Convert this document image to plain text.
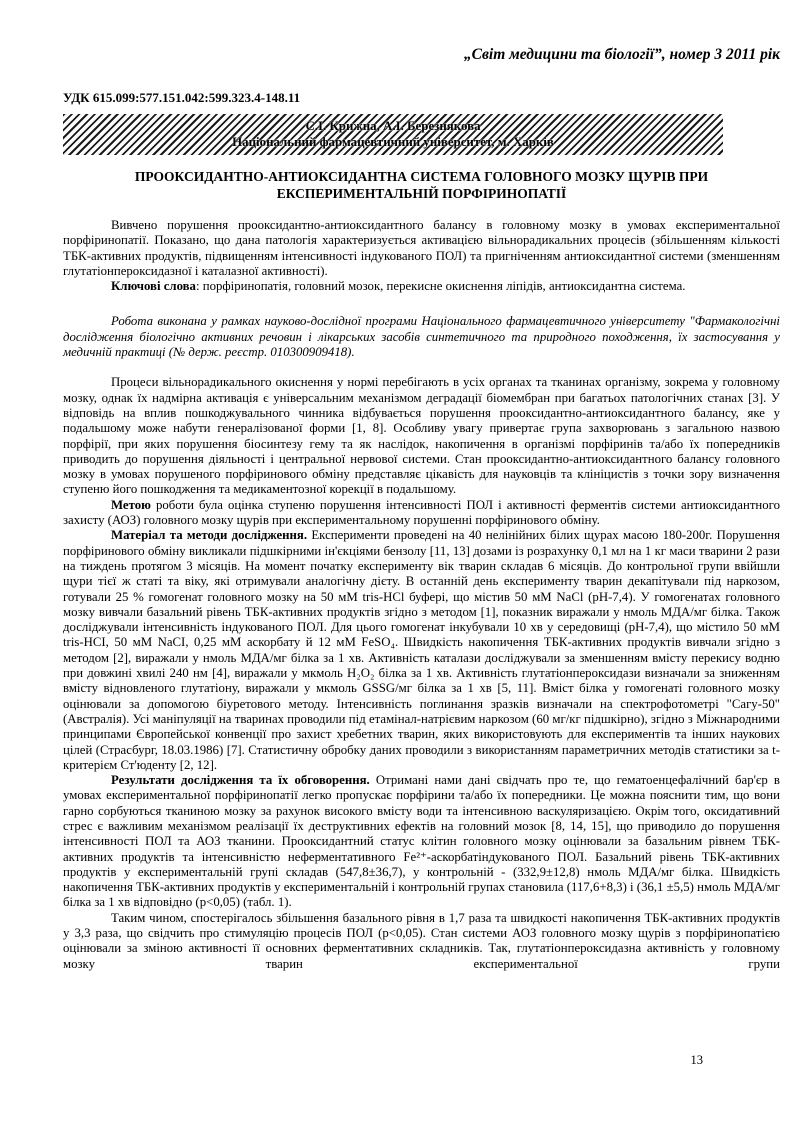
„Світ медицини та біології”, номер 3 2011 рік
УДК 615.099:577.151.042:599.323.4-148.11
С.І. Крижна, А.І. Березнякова
Національний фармацевтичний університет, м. Харків
ПРООКСИДАНТНО-АНТИОКСИДАНТНА СИСТЕМА ГОЛОВНОГО МОЗКУ ЩУРІВ ПРИ
ЕКСПЕРИМЕНТАЛЬНІЙ ПОРФІРИНОПАТІЇ

Вивчено порушення прооксидантно-антиоксидантного балансу в головному мозку в умовах експериментальної порфіринопатії. Показано, що дана патологія характеризується активацією вільнорадикальних процесів (збільшенням кількості ТБК-активних продуктів, підвищенням інтенсивності індукованого ПОЛ) та пригніченням антиоксидантної системи (зменшенням глутатіонпероксидазної і каталазної активності).

Ключові слова: порфіринопатія, головний мозок, перекисне окиснення ліпідів, антиоксидантна система.

Робота виконана у рамках науково-дослідної програми Національного фармацевтичного університету "Фармакологічні дослідження біологічно активних речовин і лікарських засобів синтетичного та природного походження, їх застосування у медичній практиці (№ держ. реєстр. 010300909418).

Процеси вільнорадикального окиснення у нормі перебігають в усіх органах та тканинах організму, зокрема у головному мозку, однак їх надмірна активація є універсальним механізмом деградації біомембран при багатьох патологічних станах [3]. У відповідь на вплив пошкоджувального чинника відбувається порушення прооксидантно-антиоксидантного балансу, яке у подальшому може набути генералізованої форми [1, 8]. Особливу увагу привертає група захворювань з загальною назвою порфірії, при яких порушення біосинтезу гему та як наслідок, накопичення в організмі порфіринів та/або їх попередників приводить до порушення діяльності і центральної нервової системи. Стан прооксидантно-антиоксидантного балансу головного мозку в умовах порушеного порфіринового обміну представляє цікавість для науковців та клініцистів з точки зору визначення ступеню його пошкодження та медикаментозної корекції в подальшому.

Метою роботи була оцінка ступеню порушення інтенсивності ПОЛ і активності ферментів системи антиоксидантного захисту (АОЗ) головного мозку щурів при експериментальному порушенні порфіринового обміну.

Матеріал та методи дослідження. Експерименти проведені на 40 нелінійних білих щурах масою 180-200г. Порушення порфіринового обміну викликали підшкірними ін'єкціями бензолу [11, 13] дозами із розрахунку 0,1 мл на 1 кг маси тварини 2 рази на тиждень протягом 3 місяців. На момент початку експерименту вік тварин складав 6 місяців. До контрольної групи ввійшли щури тієї ж статі та віку, які отримували аналогічну дієту. В останній день експерименту тварин декапітували під наркозом, готували 25 % гомогенат головного мозку на 50 мМ tris-HCl буфері, що містив 50 мМ NaCl (рН-7,4). У гомогенатах головного мозку вивчали базальний рівень ТБК-активних продуктів згідно з методом [1], показник виражали у нмоль МДА/мг білка. Також досліджували інтенсивність індукованого ПОЛ. Для цього гомогенат інкубували 10 хв у середовищі (рН-7,4), що містило 50 мМ tris-HCI, 50 мМ NaCI, 0,25 мМ аскорбату й 12 мМ FeSO₄. Швидкість накопичення ТБК-активних продуктів вивчали згідно з методом [2], виражали у нмоль МДА/мг білка за 1 хв. Активність каталази досліджували за зменшенням вмісту перекису водню при довжині хвилі 240 нм [4], виражали у мкмоль Н₂О₂ білка за 1 хв. Активність глутатіонпероксидази визначали за зниженням вмісту відновленого глутатіону, виражали у мкмоль GSSG/мг білка за 1 хв [5, 11]. Вміст білка у гомогенаті головного мозку оцінювали за допомогою біуретового методу. Інтенсивність поглинання зразків визначали на спектрофотометрі "Сагу-50" (Австралія). Усі маніпуляції на тваринах проводили під етамінал-натрієвим наркозом (60 мг/кг підшкірно), згідно з Міжнародними принципами Європейської конвенції про захист хребетних тварин, яких використовують для експериментів та інших наукових цілей (Страсбург, 18.03.1986) [7]. Статистичну обробку даних проводили з використанням параметричних методів статистики за t-критерієм Ст'юденту [2, 12].

Результати дослідження та їх обговорення. Отримані нами дані свідчать про те, що гематоенцефалічний бар'єр в умовах експериментальної порфіринопатії легко пропускає порфірини та/або їх попередники. Це можна пояснити тим, що вони гарно сорбуються тканиною мозку за рахунок високого вмісту води та інтенсивною васкуляризацією. Окрім того, оксидативний стрес є важливим механізмом реалізації їх деструктивних ефектів на головний мозок [8, 14, 15], що приводило до порушення інтенсивності ПОЛ та АОЗ тканини. Прооксидантний статус клітин головного мозку оцінювали за базальним рівнем ТБК-активних продуктів та інтенсивністю неферментативного Fe²⁺-аскорбатіндукованого ПОЛ. Базальний рівень ТБК-активних продуктів у експериментальній групі складав (547,8±36,7), у контрольній - (332,9±12,8) нмоль МДА/мг білка. Швидкість накопичення ТБК-активних продуктів у експериментальній і контрольній групах становила (117,6+8,3) і (36,1 ±5,5) нмоль МДА/мг білка за 1 хв відповідно (р<0,05) (табл. 1).

Таким чином, спостерігалось збільшення базального рівня в 1,7 раза та швидкості накопичення ТБК-активних продуктів у 3,3 раза, що свідчить про стимуляцію процесів ПОЛ (р<0,05). Стан системи АОЗ головного мозку щурів з порфіринопатією оцінювали за зміною активності її основних ферментативних складників. Так, глутатіонпероксидазна активність у головному мозку тварин експериментальної групи

13
